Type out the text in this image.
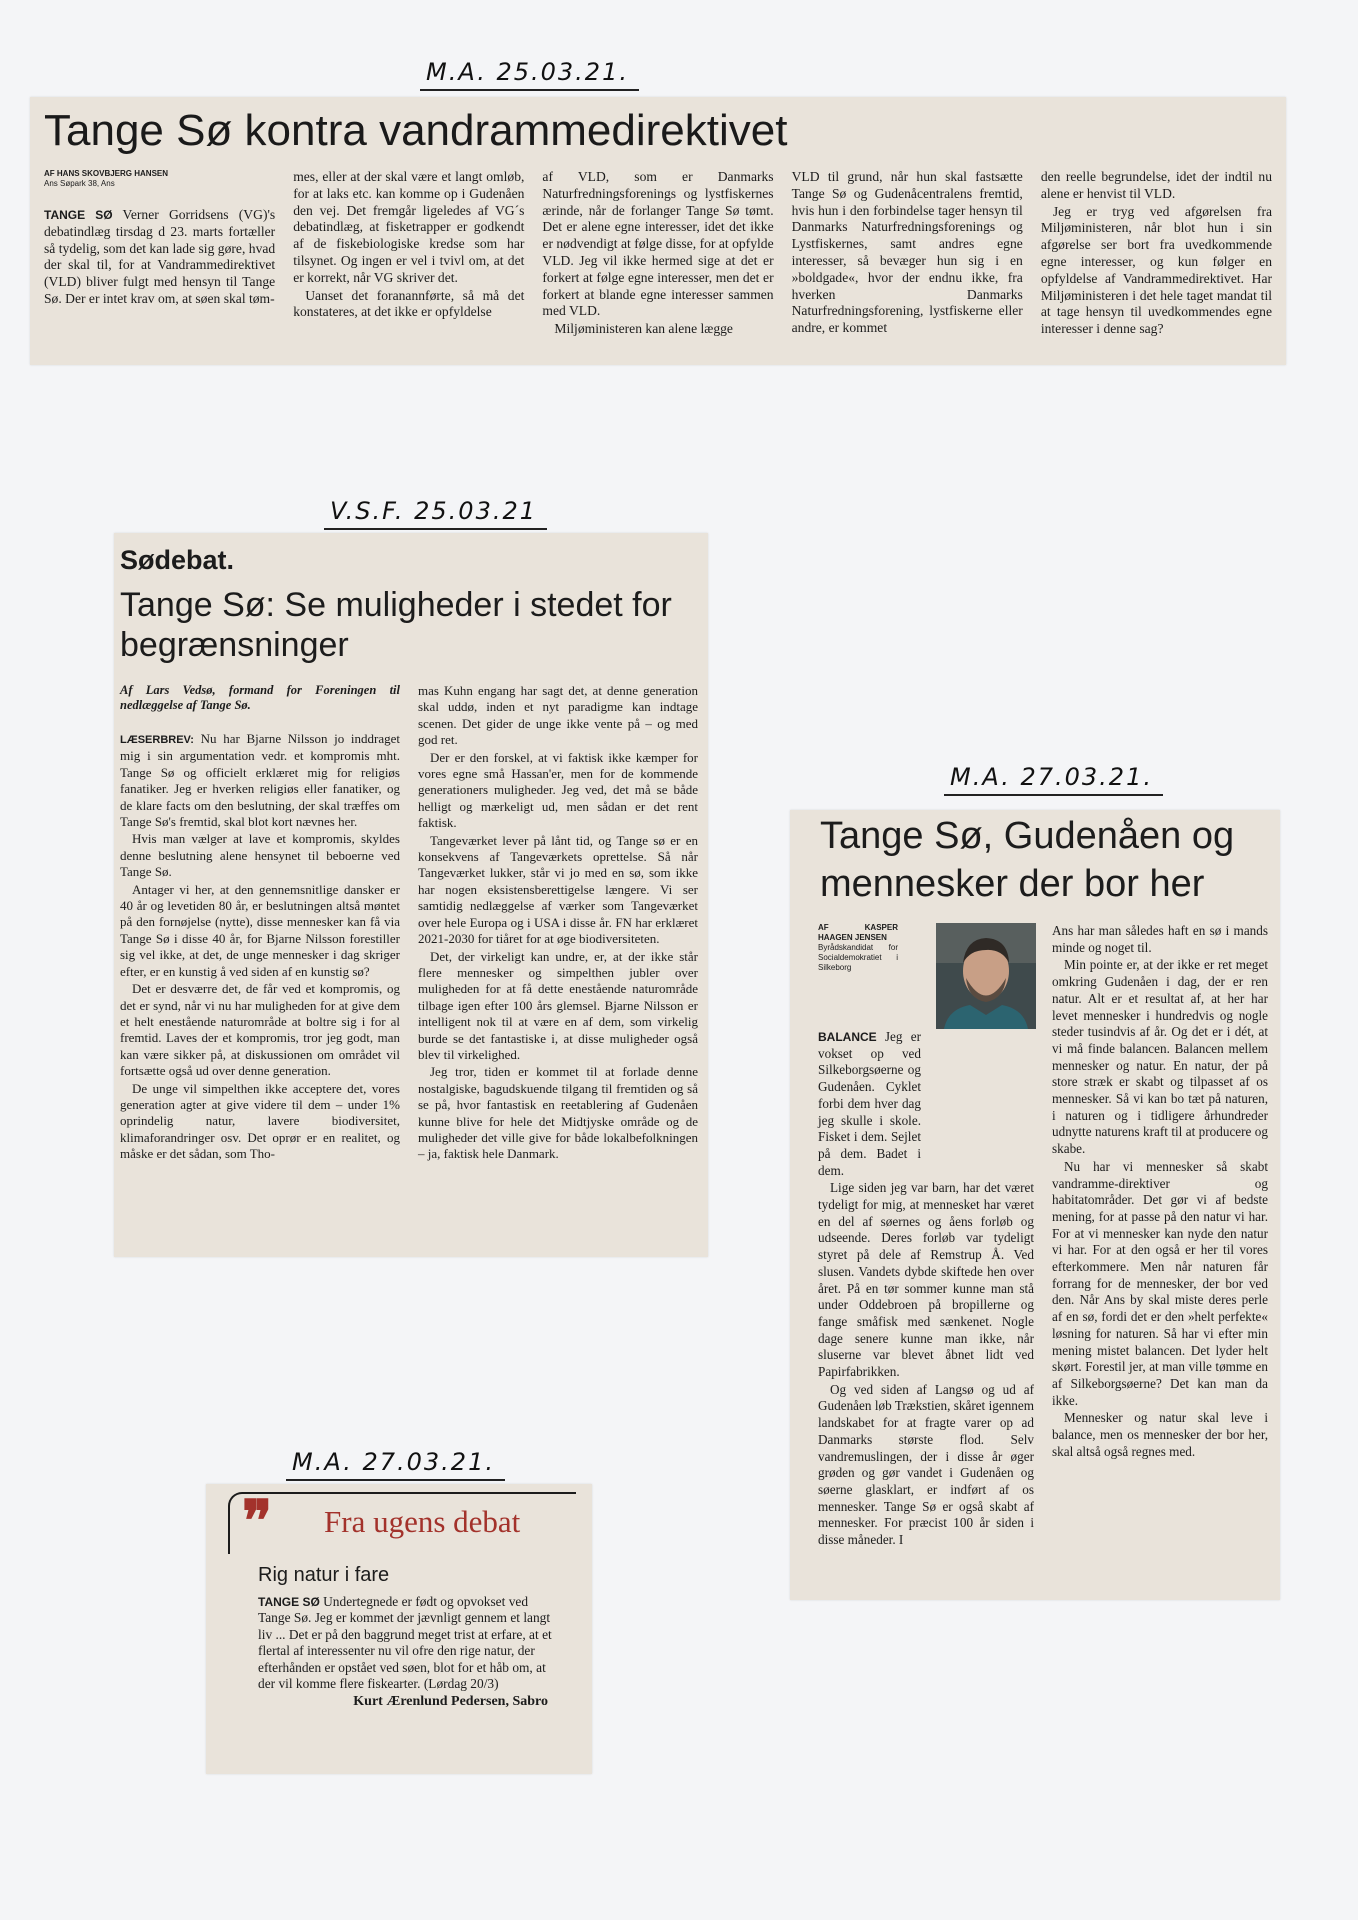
M.A. 25.03.21.
V.S.F. 25.03.21
M.A. 27.03.21.
M.A. 27.03.21.
Tange Sø kontra vandrammedirektivet
AF HANS SKOVBJERG HANSEN
Ans Søpark 38, Ans

TANGE SØ Verner Gorridsens (VG)'s debatindlæg tirsdag d 23. marts fortæller så tydelig, som det kan lade sig gøre, hvad der skal til, for at Vandrammedirektivet (VLD) bliver fulgt med hensyn til Tange Sø. Der er intet krav om, at søen skal tøm-

mes, eller at der skal være et langt omløb, for at laks etc. kan komme op i Gudenåen den vej. Det fremgår ligeledes af VG´s debatindlæg, at fisketrapper er godkendt af de fiskebiologiske kredse som har tilsynet. Og ingen er vel i tvivl om, at det er korrekt, når VG skriver det.

Uanset det foranannførte, så må det konstateres, at det ikke er opfyldelse

af VLD, som er Danmarks Naturfredningsforenings og lystfiskernes ærinde, når de forlanger Tange Sø tømt. Det er alene egne interesser, idet det ikke er nødvendigt at følge disse, for at opfylde VLD. Jeg vil ikke hermed sige at det er forkert at følge egne interesser, men det er forkert at blande egne interesser sammen med VLD.

Miljøministeren kan alene lægge

VLD til grund, når hun skal fastsætte Tange Sø og Gudenåcentralens fremtid, hvis hun i den forbindelse tager hensyn til Danmarks Naturfredningsforenings og Lystfiskernes, samt andres egne interesser, så bevæger hun sig i en »boldgade«, hvor der endnu ikke, fra hverken Danmarks Naturfredningsforening, lystfiskerne eller andre, er kommet

den reelle begrundelse, idet der indtil nu alene er henvist til VLD.

Jeg er tryg ved afgørelsen fra Miljøministeren, når blot hun i sin afgørelse ser bort fra uvedkommende egne interesser, og kun følger en opfyldelse af Vandrammedirektivet. Har Miljøministeren i det hele taget mandat til at tage hensyn til uvedkommendes egne interesser i denne sag?

Sødebat.
Tange Sø: Se muligheder i stedet for begrænsninger
Af Lars Vedsø, formand for Foreningen til nedlæggelse af Tange Sø.

LÆSERBREV: Nu har Bjarne Nilsson jo inddraget mig i sin argumentation vedr. et kompromis mht. Tange Sø og officielt erklæret mig for religiøs fanatiker. Jeg er hverken religiøs eller fanatiker, og de klare facts om den beslutning, der skal træffes om Tange Sø's fremtid, skal blot kort nævnes her.

Hvis man vælger at lave et kompromis, skyldes denne beslutning alene hensynet til beboerne ved Tange Sø.

Antager vi her, at den gennemsnitlige dansker er 40 år og levetiden 80 år, er beslutningen altså møntet på den fornøjelse (nytte), disse mennesker kan få via Tange Sø i disse 40 år, for Bjarne Nilsson forestiller sig vel ikke, at det, de unge mennesker i dag skriger efter, er en kunstig å ved siden af en kunstig sø?

Det er desværre det, de får ved et kompromis, og det er synd, når vi nu har muligheden for at give dem et helt enestående naturområde at boltre sig i for al fremtid. Laves der et kompromis, tror jeg godt, man kan være sikker på, at diskussionen om området vil fortsætte også ud over denne generation.

De unge vil simpelthen ikke acceptere det, vores generation agter at give videre til dem – under 1% oprindelig natur, lavere biodiversitet, klimaforandringer osv. Det oprør er en realitet, og måske er det sådan, som Tho-

mas Kuhn engang har sagt det, at denne generation skal uddø, inden et nyt paradigme kan indtage scenen. Det gider de unge ikke vente på – og med god ret.

Der er den forskel, at vi faktisk ikke kæmper for vores egne små Hassan'er, men for de kommende generationers muligheder. Jeg ved, det må se både helligt og mærkeligt ud, men sådan er det rent faktisk.

Tangeværket lever på lånt tid, og Tange sø er en konsekvens af Tangeværkets oprettelse. Så når Tangeværket lukker, står vi jo med en sø, som ikke har nogen eksistensberettigelse længere. Vi ser samtidig nedlæggelse af værker som Tangeværket over hele Europa og i USA i disse år. FN har erklæret 2021-2030 for tiåret for at øge biodiversiteten.

Det, der virkeligt kan undre, er, at der ikke står flere mennesker og simpelthen jubler over muligheden for at få dette enestående naturområde tilbage igen efter 100 års glemsel. Bjarne Nilsson er intelligent nok til at være en af dem, som virkelig burde se det fantastiske i, at disse muligheder også blev til virkelighed.

Jeg tror, tiden er kommet til at forlade denne nostalgiske, bagudskuende tilgang til fremtiden og så se på, hvor fantastisk en reetablering af Gudenåen kunne blive for hele det Midtjyske område og de muligheder det ville give for både lokalbefolkningen – ja, faktisk hele Danmark.

Tange Sø, Gudenåen og mennesker der bor her
AF KASPER HAAGEN JENSEN
Byrådskandidat for Socialdemokratiet i Silkeborg

BALANCE Jeg er vokset op ved Silkeborgsøerne og Gudenåen. Cyklet forbi dem hver dag jeg skulle i skole. Fisket i dem. Sejlet på dem. Badet i dem.

Lige siden jeg var barn, har det været tydeligt for mig, at mennesket har været en del af søernes og åens forløb og udseende. Deres forløb var tydeligt styret på dele af Remstrup Å. Ved slusen. Vandets dybde skiftede hen over året. På en tør sommer kunne man stå under Oddebroen på bropillerne og fange småfisk med sænkenet. Nogle dage senere kunne man ikke, når sluserne var blevet åbnet lidt ved Papirfabrikken.

Og ved siden af Langsø og ud af Gudenåen løb Trækstien, skåret igennem landskabet for at fragte varer op ad Danmarks største flod. Selv vandremuslingen, der i disse år øger grøden og gør vandet i Gudenåen og søerne glasklart, er indført af os mennesker. Tange Sø er også skabt af mennesker. For præcist 100 år siden i disse måneder. I

Ans har man således haft en sø i mands minde og noget til.

Min pointe er, at der ikke er ret meget omkring Gudenåen i dag, der er ren natur. Alt er et resultat af, at her har levet mennesker i hundredvis og nogle steder tusindvis af år. Og det er i dét, at vi må finde balancen. Balancen mellem mennesker og natur. En natur, der på store stræk er skabt og tilpasset af os mennesker. Så vi kan bo tæt på naturen, i naturen og i tidligere århundreder udnytte naturens kraft til at producere og skabe.

Nu har vi mennesker så skabt vandramme-direktiver og habitatområder. Det gør vi af bedste mening, for at passe på den natur vi har. For at vi mennesker kan nyde den natur vi har. For at den også er her til vores efterkommere. Men når naturen får forrang for de mennesker, der bor ved den. Når Ans by skal miste deres perle af en sø, fordi det er den »helt perfekte« løsning for naturen. Så har vi efter min mening mistet balancen. Det lyder helt skørt. Forestil jer, at man ville tømme en af Silkeborgsøerne? Det kan man da ikke.

Mennesker og natur skal leve i balance, men os mennesker der bor her, skal altså også regnes med.

❞ Fra ugens debat
Rig natur i fare
TANGE SØ Undertegnede er født og opvokset ved Tange Sø. Jeg er kommet der jævnligt gennem et langt liv ... Det er på den baggrund meget trist at erfare, at et flertal af interessenter nu vil ofre den rige natur, der efterhånden er opstået ved søen, blot for et håb om, at der vil komme flere fiskearter. (Lørdag 20/3)
Kurt Ærenlund Pedersen, Sabro
